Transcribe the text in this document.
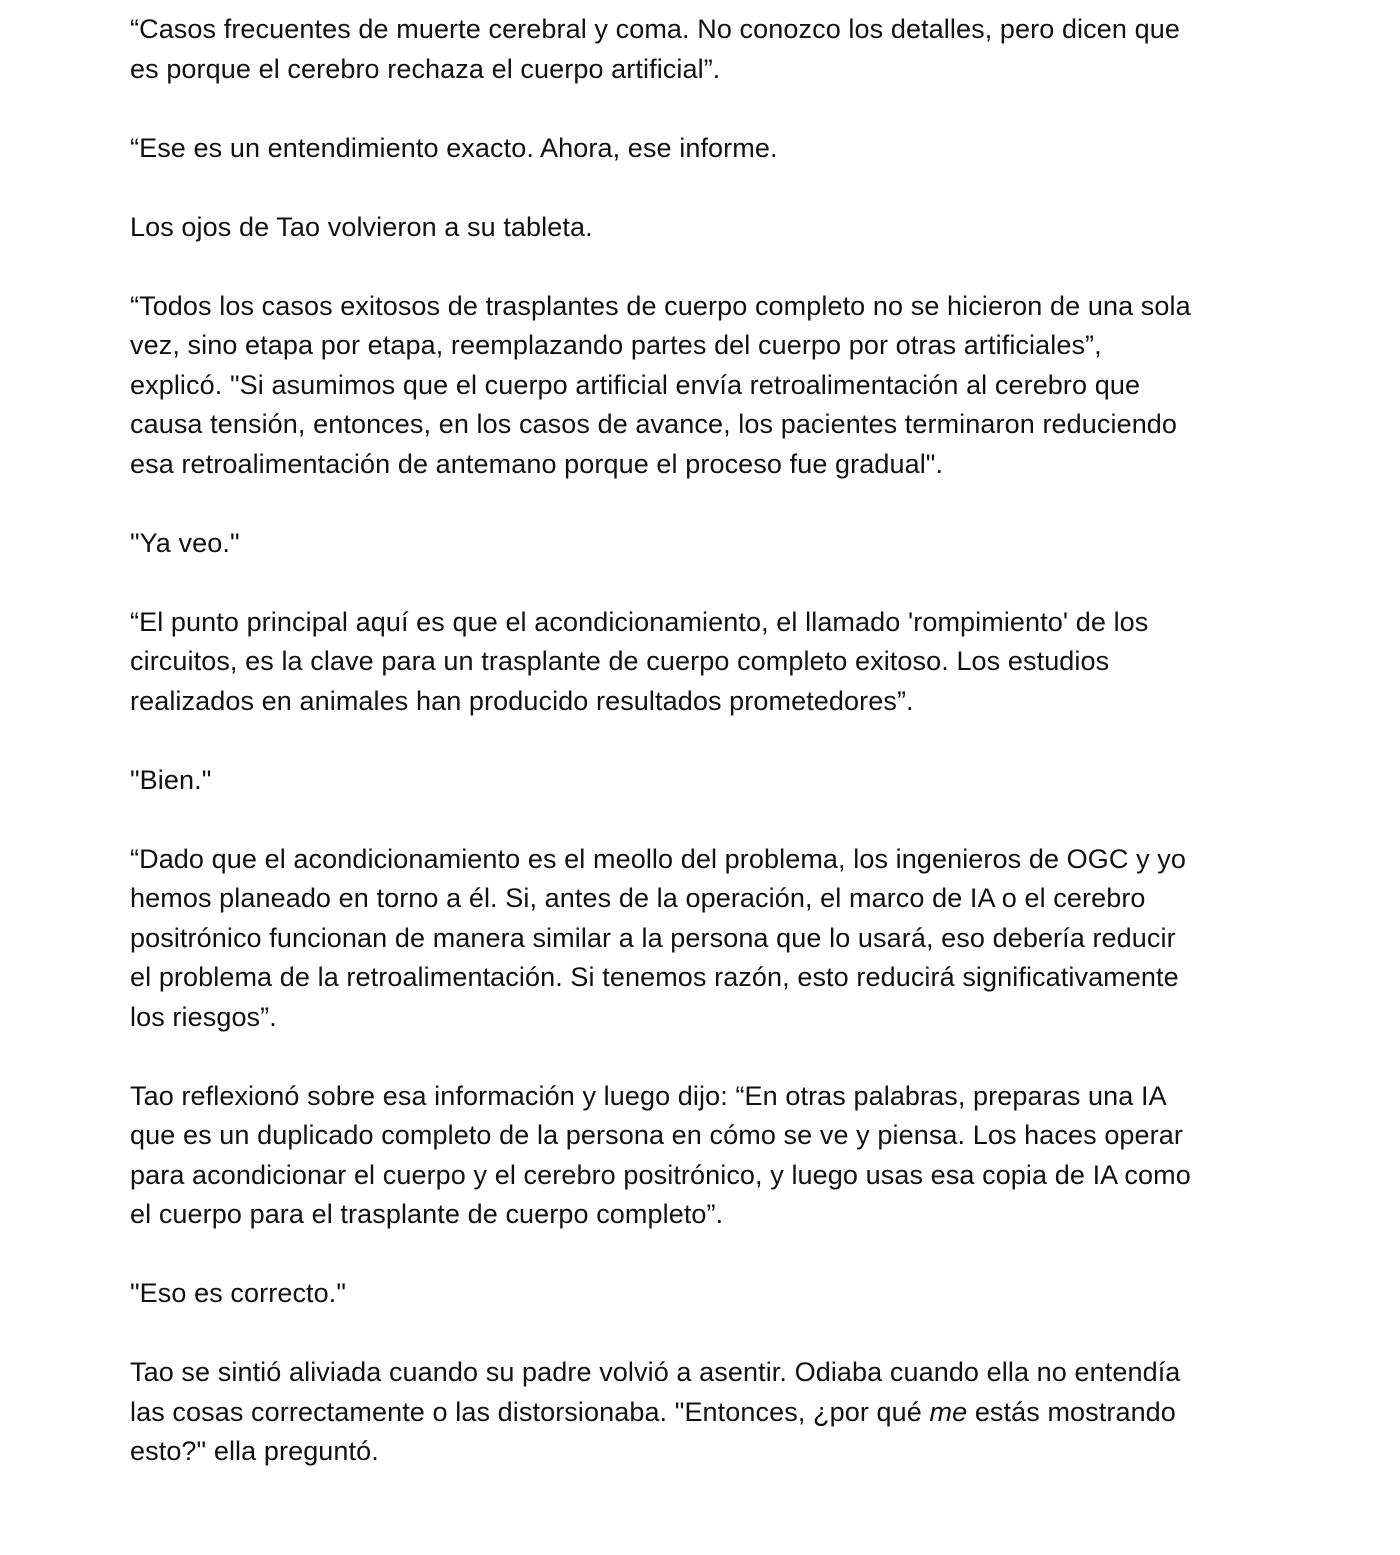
“Casos frecuentes de muerte cerebral y coma. No conozco los detalles, pero dicen que
es porque el cerebro rechaza el cuerpo artificial”.

“Ese es un entendimiento exacto. Ahora, ese informe.

Los ojos de Tao volvieron a su tableta.

“Todos los casos exitosos de trasplantes de cuerpo completo no se hicieron de una sola
vez, sino etapa por etapa, reemplazando partes del cuerpo por otras artificiales”,
explicó. "Si asumimos que el cuerpo artificial envía retroalimentación al cerebro que
causa tensión, entonces, en los casos de avance, los pacientes terminaron reduciendo
esa retroalimentación de antemano porque el proceso fue gradual".

"Ya veo."

“El punto principal aquí es que el acondicionamiento, el llamado 'rompimiento' de los
circuitos, es la clave para un trasplante de cuerpo completo exitoso. Los estudios
realizados en animales han producido resultados prometedores”.

"Bien."

“Dado que el acondicionamiento es el meollo del problema, los ingenieros de OGC y yo
hemos planeado en torno a él. Si, antes de la operación, el marco de IA o el cerebro
positrónico funcionan de manera similar a la persona que lo usará, eso debería reducir
el problema de la retroalimentación. Si tenemos razón, esto reducirá significativamente
los riesgos”.

Tao reflexionó sobre esa información y luego dijo: “En otras palabras, preparas una IA
que es un duplicado completo de la persona en cómo se ve y piensa. Los haces operar
para acondicionar el cuerpo y el cerebro positrónico, y luego usas esa copia de IA como
el cuerpo para el trasplante de cuerpo completo”.

"Eso es correcto."

Tao se sintió aliviada cuando su padre volvió a asentir. Odiaba cuando ella no entendía
las cosas correctamente o las distorsionaba. "Entonces, ¿por qué me estás mostrando
esto?" ella preguntó.
